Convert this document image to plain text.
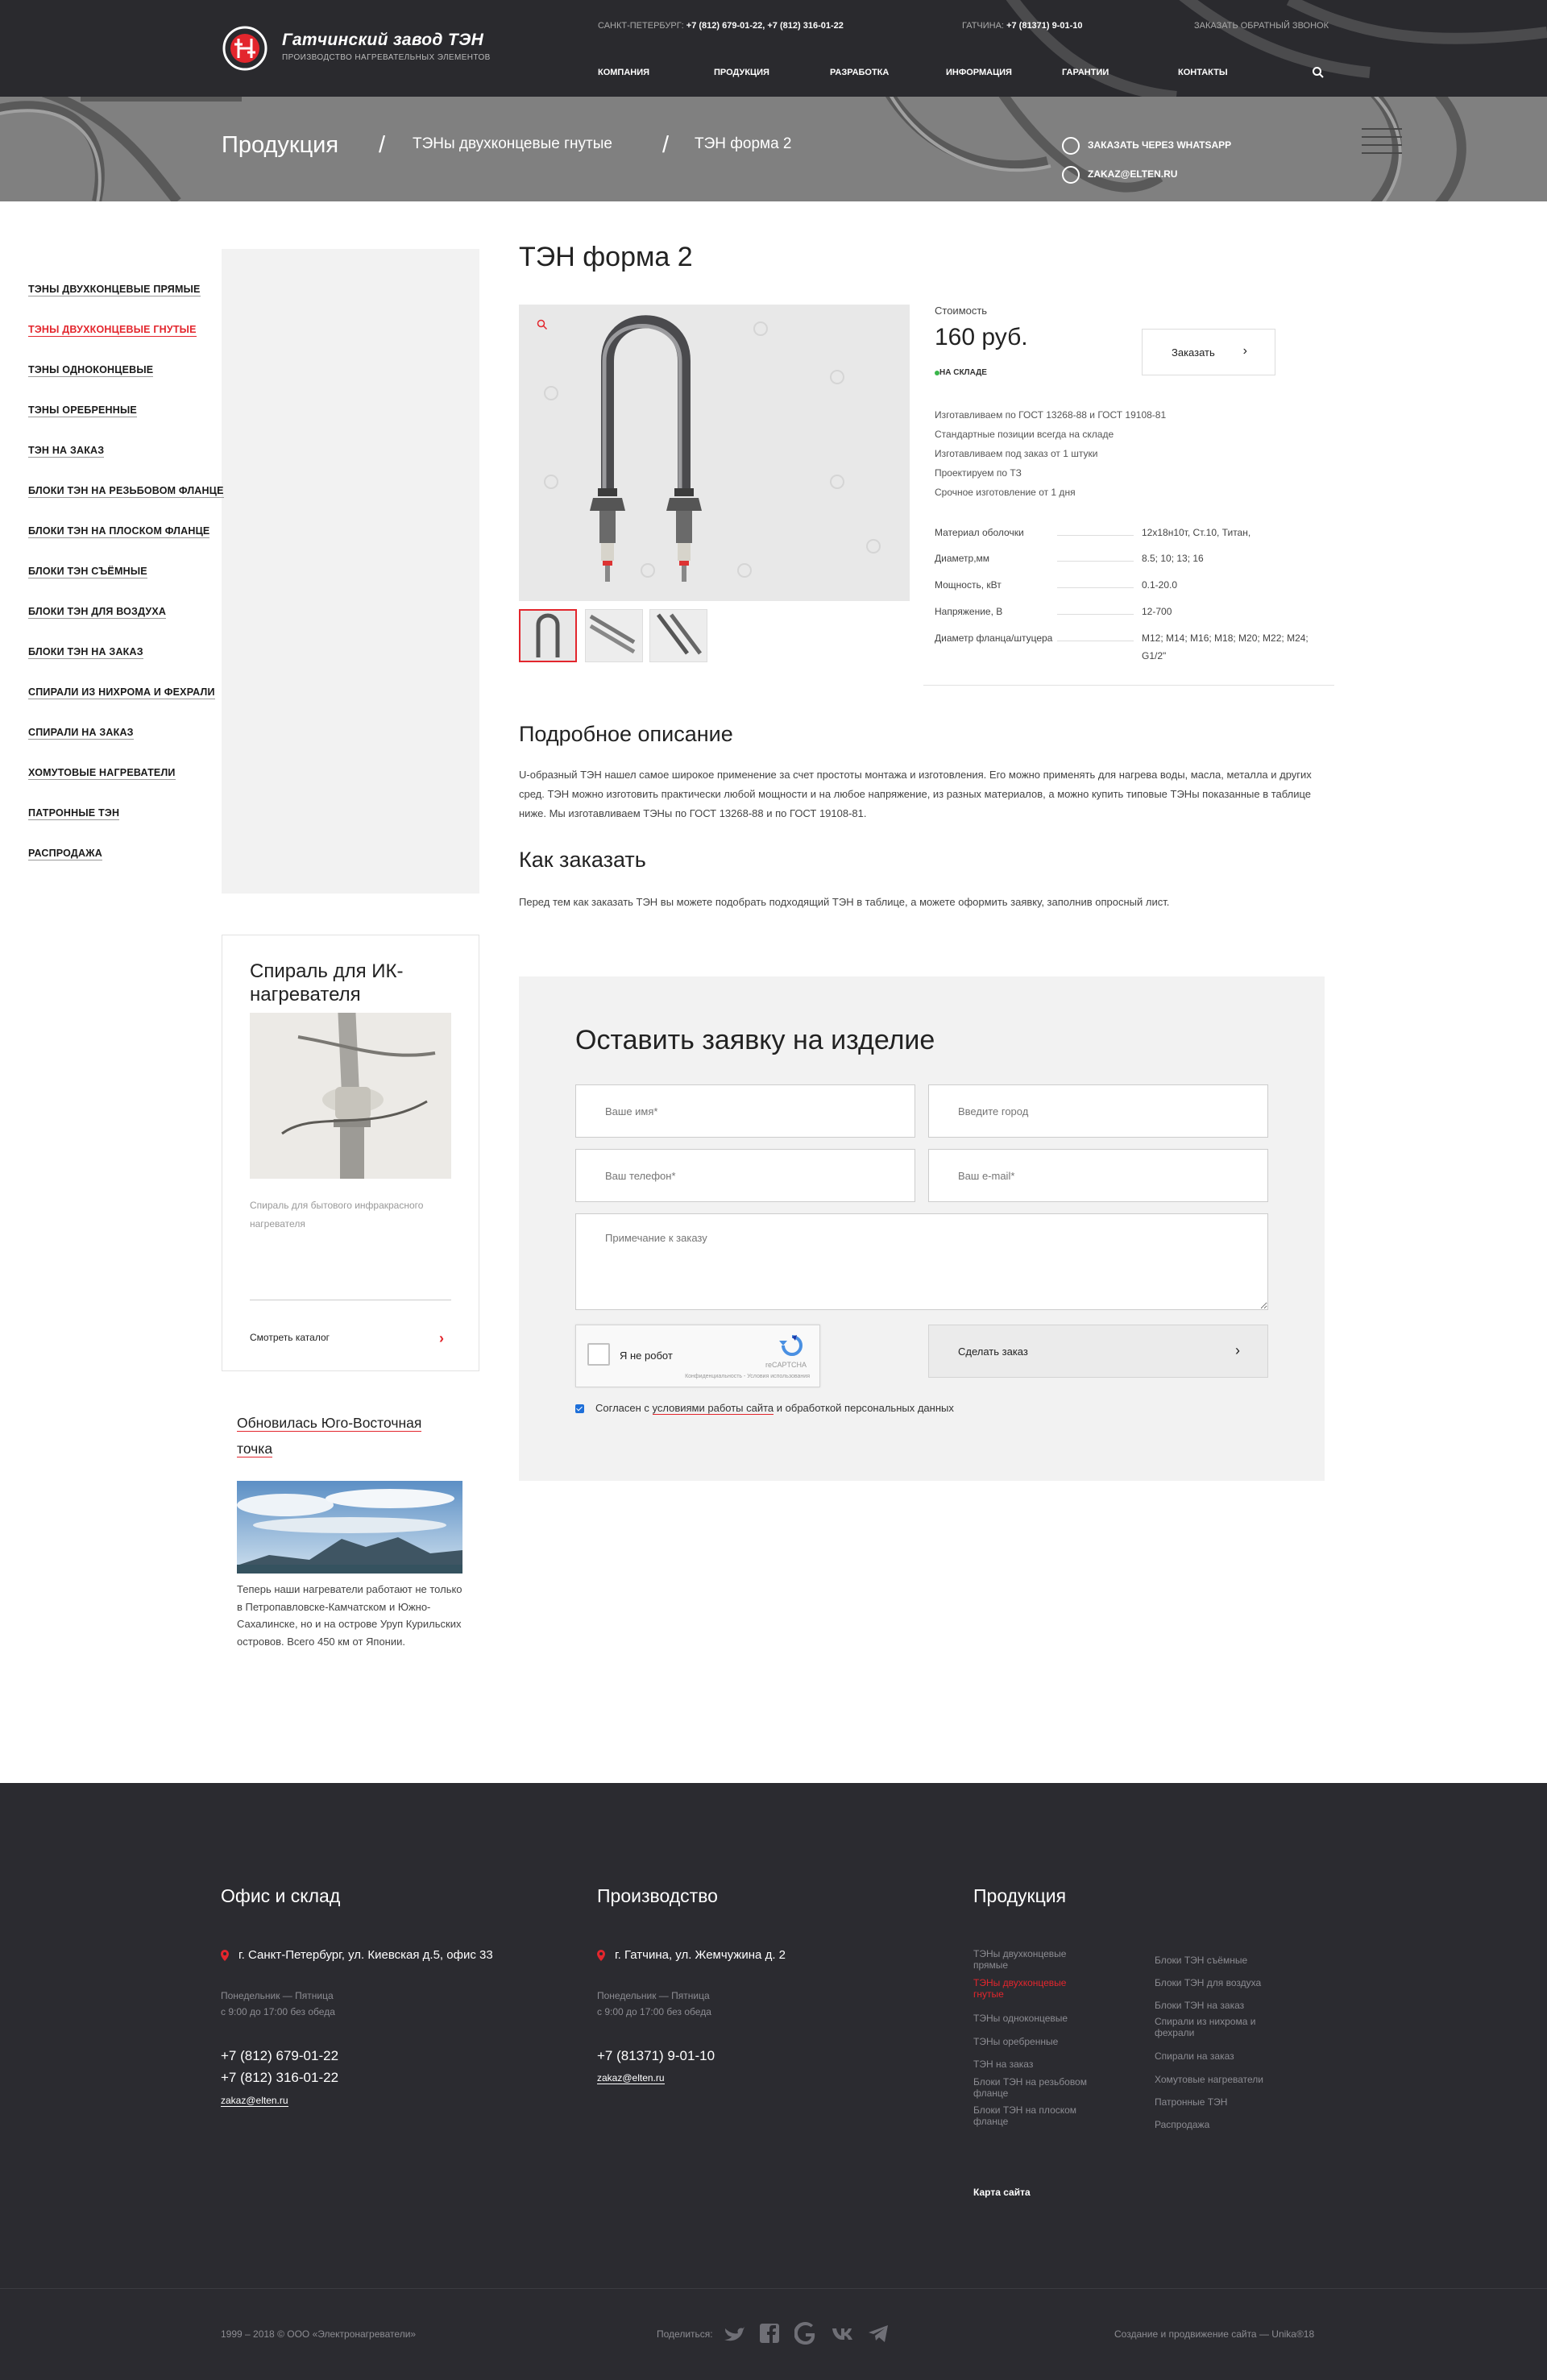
Гатчинский завод ТЭН
ПРОИЗВОДСТВО НАГРЕВАТЕЛЬНЫХ ЭЛЕМЕНТОВ
САНКТ-ПЕТЕРБУРГ: +7 (812) 679-01-22, +7 (812) 316-01-22	ГАТЧИНА: +7 (81371) 9-01-10	ЗАКАЗАТЬ ОБРАТНЫЙ ЗВОНОК
КОМПАНИЯ	ПРОДУКЦИЯ	РАЗРАБОТКА	ИНФОРМАЦИЯ	ГАРАНТИИ	КОНТАКТЫ
Продукция / ТЭНы двухконцевые гнутые / ТЭН форма 2	ЗАКАЗАТЬ ЧЕРЕЗ WHATSAPP
ZAKAZ@ELTEN.RU
ТЭНЫ ДВУХКОНЦЕВЫЕ ПРЯМЫЕ
ТЭНЫ ДВУХКОНЦЕВЫЕ ГНУТЫЕ
ТЭНЫ ОДНОКОНЦЕВЫЕ
ТЭНЫ ОРЕБРЕННЫЕ
ТЭН НА ЗАКАЗ
БЛОКИ ТЭН НА РЕЗЬБОВОМ ФЛАНЦЕ
БЛОКИ ТЭН НА ПЛОСКОМ ФЛАНЦЕ
БЛОКИ ТЭН СЪЁМНЫЕ
БЛОКИ ТЭН ДЛЯ ВОЗДУХА
БЛОКИ ТЭН НА ЗАКАЗ
СПИРАЛИ ИЗ НИХРОМА И ФЕХРАЛИ
СПИРАЛИ НА ЗАКАЗ
ХОМУТОВЫЕ НАГРЕВАТЕЛИ
ПАТРОННЫЕ ТЭН
РАСПРОДАЖА
Спираль для ИК-нагревателя
Спираль для бытового инфракрасного нагревателя
Смотреть каталог	›
Обновилась Юго-Восточная точка
Теперь наши нагреватели работают не только в Петропавловске-Камчатском и Южно-Сахалинске, но и на острове Уруп Курильских островов. Всего 450 км от Японии.
ТЭН форма 2
Стоимость
160 руб.
НА СКЛАДЕ
Заказать ›
Изготавливаем по ГОСТ 13268-88 и ГОСТ 19108-81
Стандартные позиции всегда на складе
Изготавливаем под заказ от 1 штуки
Проектируем по ТЗ
Срочное изготовление от 1 дня
Материал оболочки	12х18н10т, Ст.10, Титан,
Диаметр,мм	8.5; 10; 13; 16
Мощность, кВт	0.1-20.0
Напряжение, В	12-700
Диаметр фланца/штуцера	М12; М14; М16; М18; М20; М22; М24; G1/2"
Подробное описание
U-образный ТЭН нашел самое широкое применение за счет простоты монтажа и изготовления. Его можно применять для нагрева воды, масла, металла и других сред. ТЭН можно изготовить практически любой мощности и на любое напряжение, из разных материалов, а можно купить типовые ТЭНы показанные в таблице ниже. Мы изготавливаем ТЭНы по ГОСТ 13268-88 и по ГОСТ 19108-81.
Как заказать
Перед тем как заказать ТЭН вы можете подобрать подходящий ТЭН в таблице, а можете оформить заявку, заполнив опросный лист.
Оставить заявку на изделие
Ваше имя*
Введите город
Ваш телефон*
Ваш e-mail*
Примечание к заказу
Я не робот
reCAPTCHA
Конфиденциальность - Условия использования
Сделать заказ	›
Согласен с условиями работы сайта и обработкой персональных данных
Офис и склад
г. Санкт-Петербург, ул. Киевская д.5, офис 33
Понедельник — Пятница
с 9:00 до 17:00 без обеда
+7 (812) 679-01-22
+7 (812) 316-01-22
zakaz@elten.ru
Производство
г. Гатчина, ул. Жемчужина д. 2
Понедельник — Пятница
с 9:00 до 17:00 без обеда
+7 (81371) 9-01-10
zakaz@elten.ru
Продукция
ТЭНы двухконцевые прямые
ТЭНы двухконцевые гнутые
ТЭНы одноконцевые
ТЭНы оребренные
ТЭН на заказ
Блоки ТЭН на резьбовом фланце
Блоки ТЭН на плоском фланце
Блоки ТЭН съёмные
Блоки ТЭН для воздуха
Блоки ТЭН на заказ
Спирали из нихрома и фехрали
Спирали на заказ
Хомутовые нагреватели
Патронные ТЭН
Распродажа
Карта сайта
1999 – 2018 © ООО «Электронагреватели»	Поделиться:	Создание и продвижение сайта — Unika®18
